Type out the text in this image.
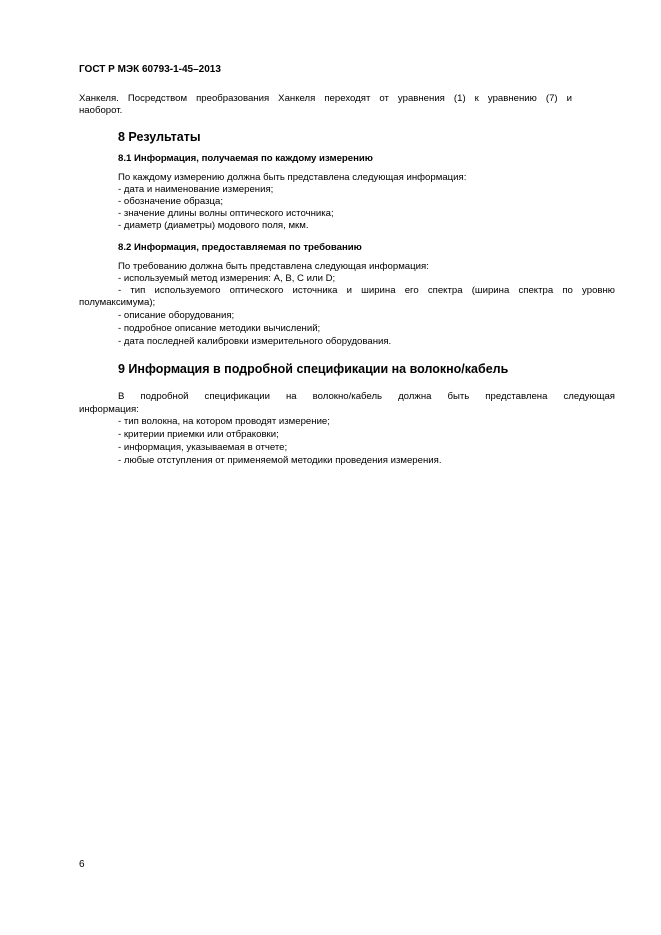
ГОСТ Р МЭК 60793-1-45–2013
Ханкеля. Посредством преобразования Ханкеля переходят от уравнения (1) к уравнению (7) и
наоборот.
8 Результаты
8.1 Информация, получаемая по каждому измерению
По каждому измерению должна быть представлена следующая информация:
- дата и наименование измерения;
- обозначение образца;
- значение длины волны оптического источника;
- диаметр (диаметры) модового поля, мкм.
8.2 Информация, предоставляемая по требованию
По требованию должна быть представлена следующая информация:
- используемый метод измерения: А, В, С или D;
- тип используемого оптического источника и ширина его спектра (ширина спектра по уровню
полумаксимума);
- описание оборудования;
- подробное описание методики вычислений;
- дата последней калибровки измерительного оборудования.
9 Информация в подробной спецификации на волокно/кабель
В подробной спецификации на волокно/кабель должна быть представлена следующая
информация:
- тип волокна, на котором проводят измерение;
- критерии приемки или отбраковки;
- информация, указываемая в отчете;
- любые отступления от применяемой методики проведения измерения.
6
